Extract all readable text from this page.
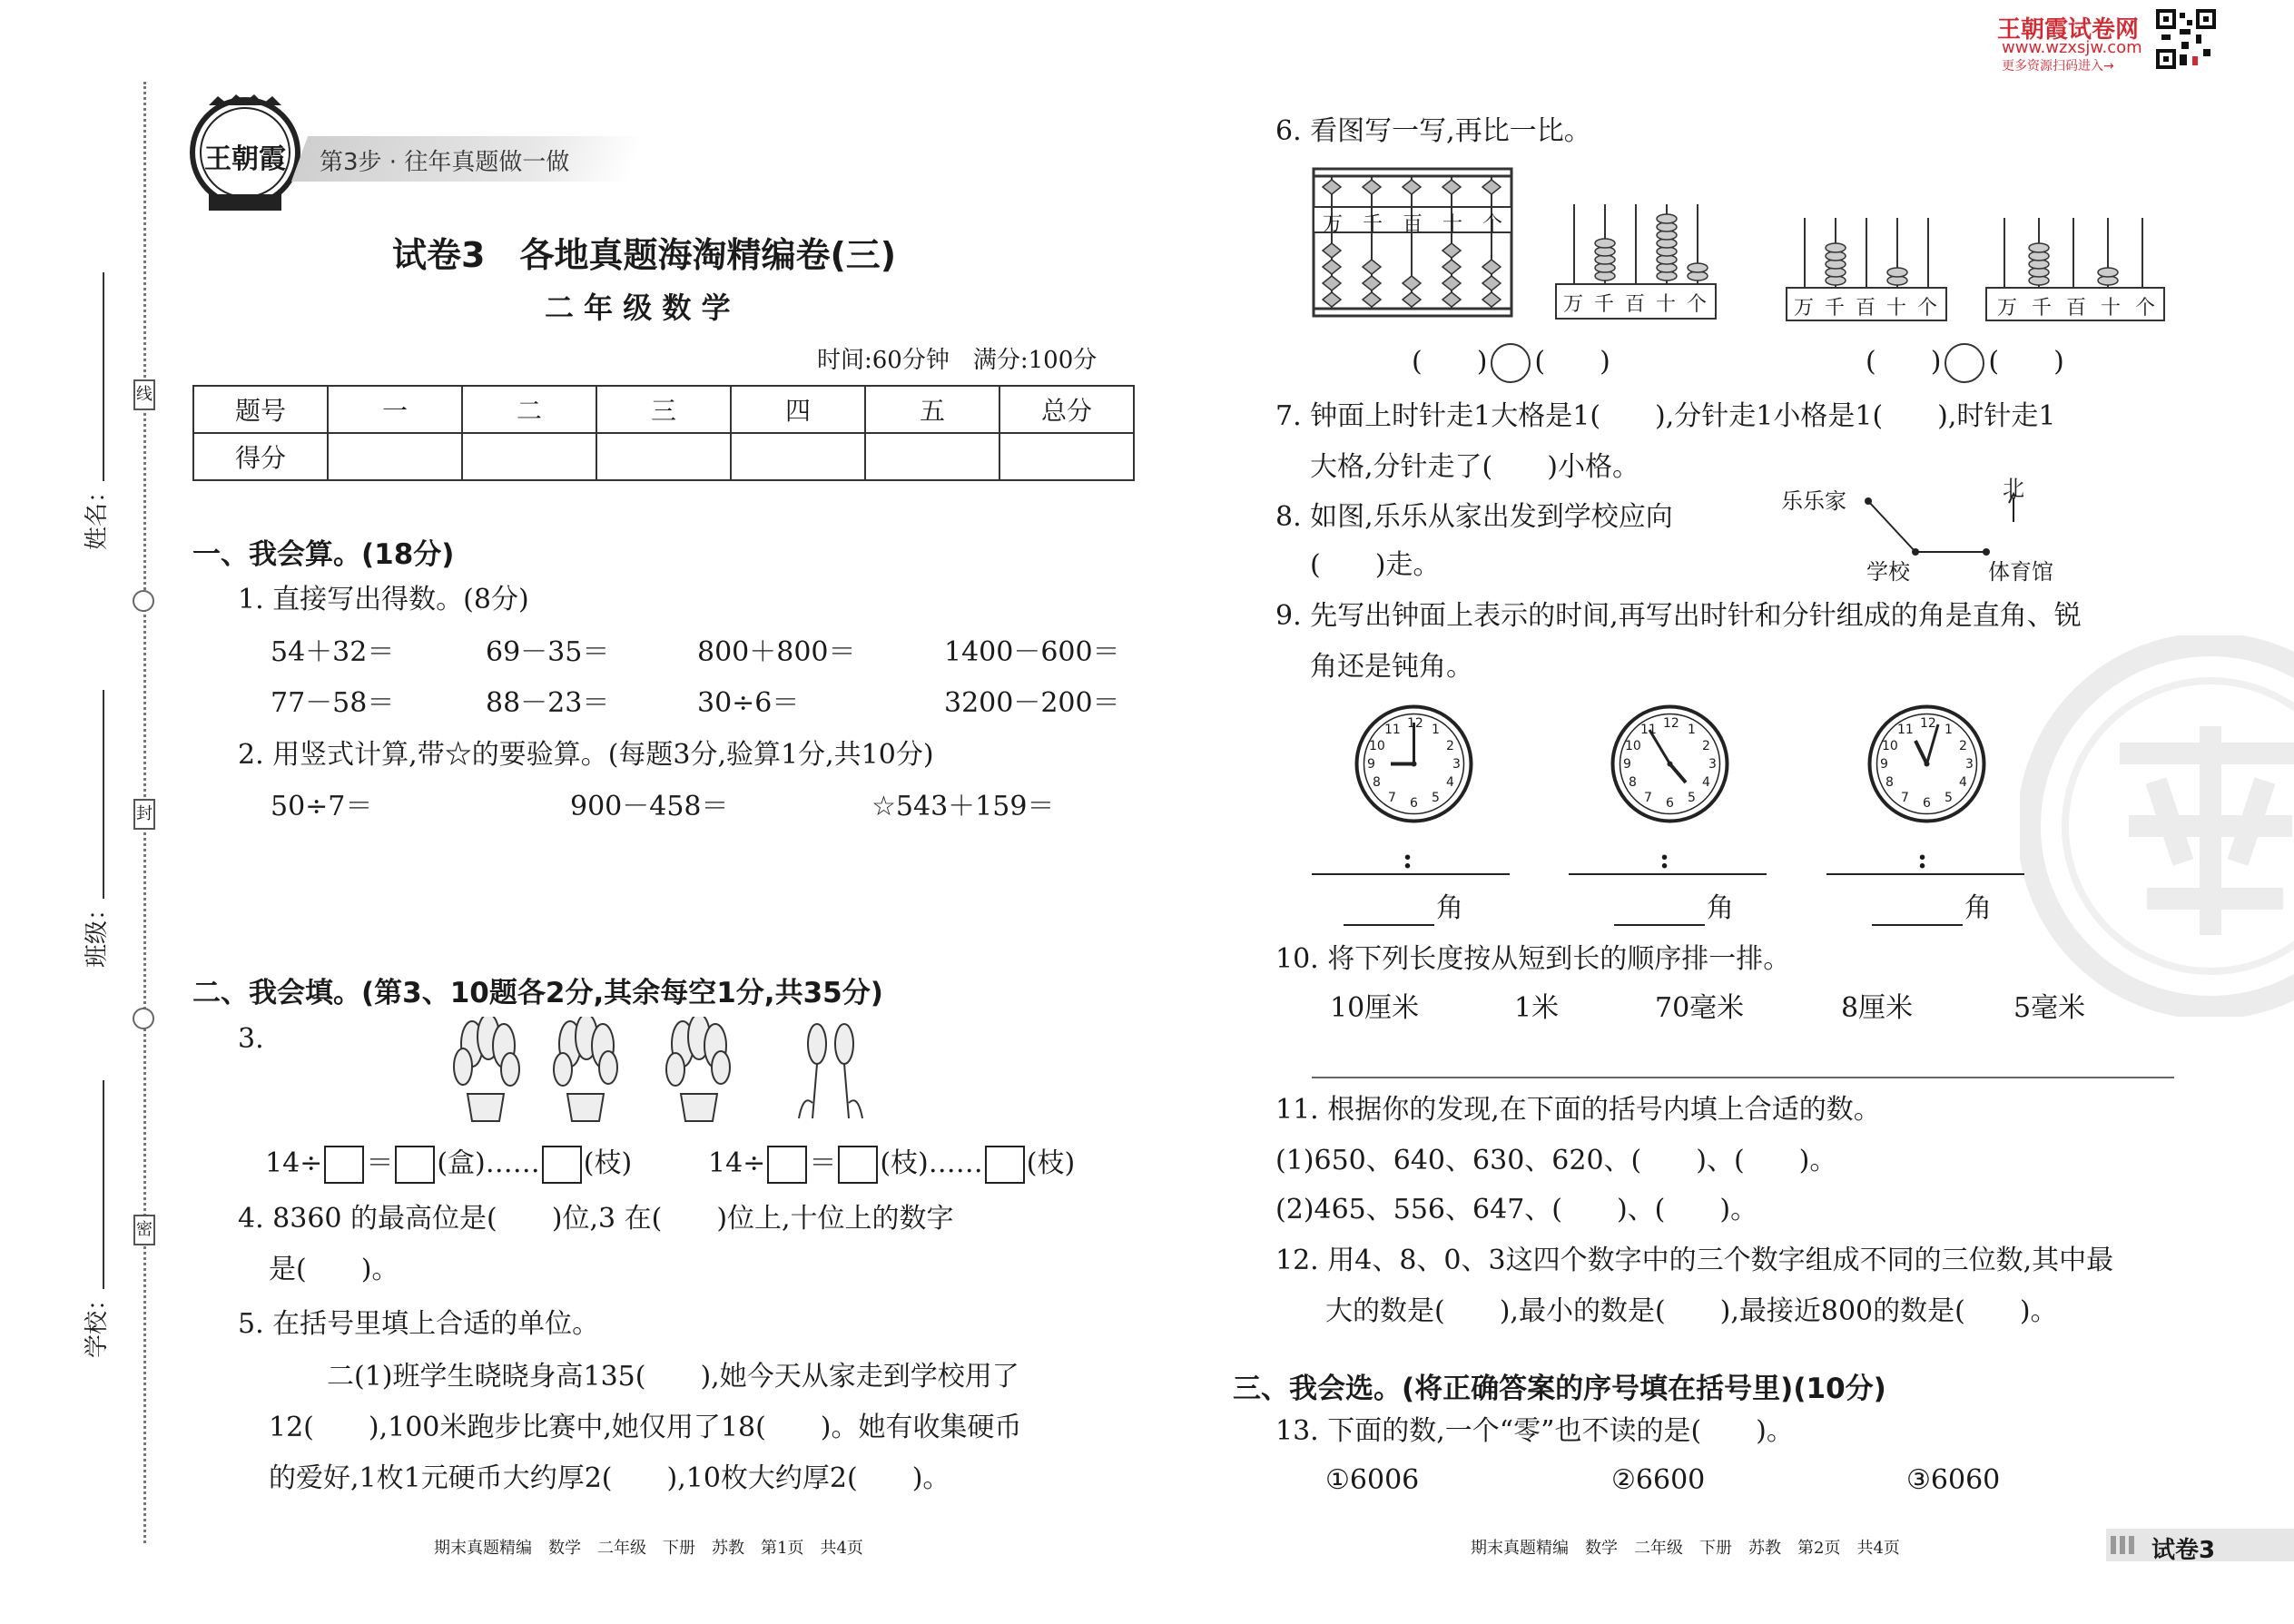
线
封
密
姓名：
班级：
学校：
王朝霞 第3步 · 往年真题做一做
试卷3　各地真题海淘精编卷(三)
二 年 级 数 学
时间:60分钟　满分:100分
题号	一	二	三	四	五	总分
得分						
一、我会算。(18分)
1. 直接写出得数。(8分)
54＋32＝	69－35＝	800＋800＝	1400－600＝
77－58＝	88－23＝	30÷6＝	3200－200＝
2. 用竖式计算,带☆的要验算。(每题3分,验算1分,共10分)
50÷7＝	900－458＝	☆543＋159＝
二、我会填。(第3、10题各2分,其余每空1分,共35分)
3.
14÷ ＝ (盒)…… (枝)	14÷ ＝ (枝)…… (枝)
4. 8360 的最高位是(　　)位,3 在(　　)位上,十位上的数字
是(　　)。
5. 在括号里填上合适的单位。
二(1)班学生晓晓身高135(　　),她今天从家走到学校用了
12(　　),100米跑步比赛中,她仅用了18(　　)。她有收集硬币
的爱好,1枚1元硬币大约厚2(　　),10枚大约厚2(　　)。
期末真题精编　数学　二年级　下册　苏教　第1页　共4页
王朝霞试卷网
www.wzxsjw.com
更多资源扫码进入→
6. 看图写一写,再比一比。
万 千 百 十 个
万 千 百 十 个	万 千 百 十 个	万 千 百 十 个
(　　) (　　)	(　　) (　　)
7. 钟面上时针走1大格是1(　　),分针走1小格是1(　　),时针走1
大格,分针走了(　　)小格。
8. 如图,乐乐从家出发到学校应向
(　　)走。
乐乐家
学校	体育馆
北
9. 先写出钟面上表示的时间,再写出时针和分针组成的角是直角、锐
角还是钝角。
12 1
2
3
4
5
6
7
8
9
10
11	12 1
2
3
4
5
6
7
8
9
10
11	12 1
2
3
4
5
6
7
8
9
10
11
:	:	:
角	角	角
10. 将下列长度按从短到长的顺序排一排。
10厘米	1米	70毫米	8厘米	5毫米
11. 根据你的发现,在下面的括号内填上合适的数。
(1)650、640、630、620、(　　)、(　　)。
(2)465、556、647、(　　)、(　　)。
12. 用4、8、0、3这四个数字中的三个数字组成不同的三位数,其中最
大的数是(　　),最小的数是(　　),最接近800的数是(　　)。
三、我会选。(将正确答案的序号填在括号里)(10分)
13. 下面的数,一个“零”也不读的是(　　)。
①6006	②6600	③6060
期末真题精编　数学　二年级　下册　苏教　第2页　共4页	试卷3
